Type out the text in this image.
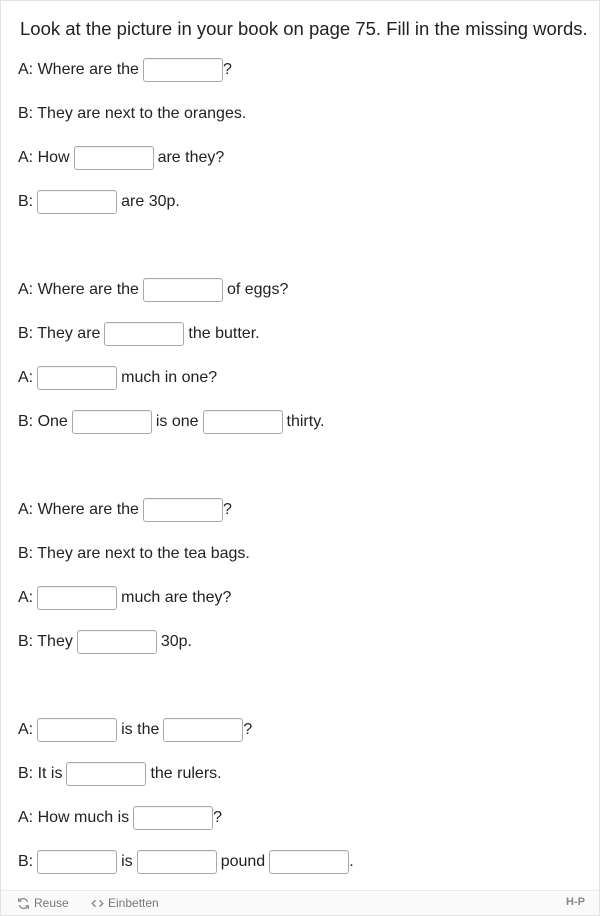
Look at the picture in your book on page 75. Fill in the missing words.
A: Where are the	?
B: They are next to the oranges.
A: How	are they?
B:	are 30p.
A: Where are the	of eggs?
B: They are	the butter.
A:	much in one?
B: One	is one	thirty.
A: Where are the	?
B: They are next to the tea bags.
A:	much are they?
B: They	30p.
A:	is the	?
B: It is	the rulers.
A: How much is	?
B:	is	pound	.
Reuse	Einbetten	H-P
